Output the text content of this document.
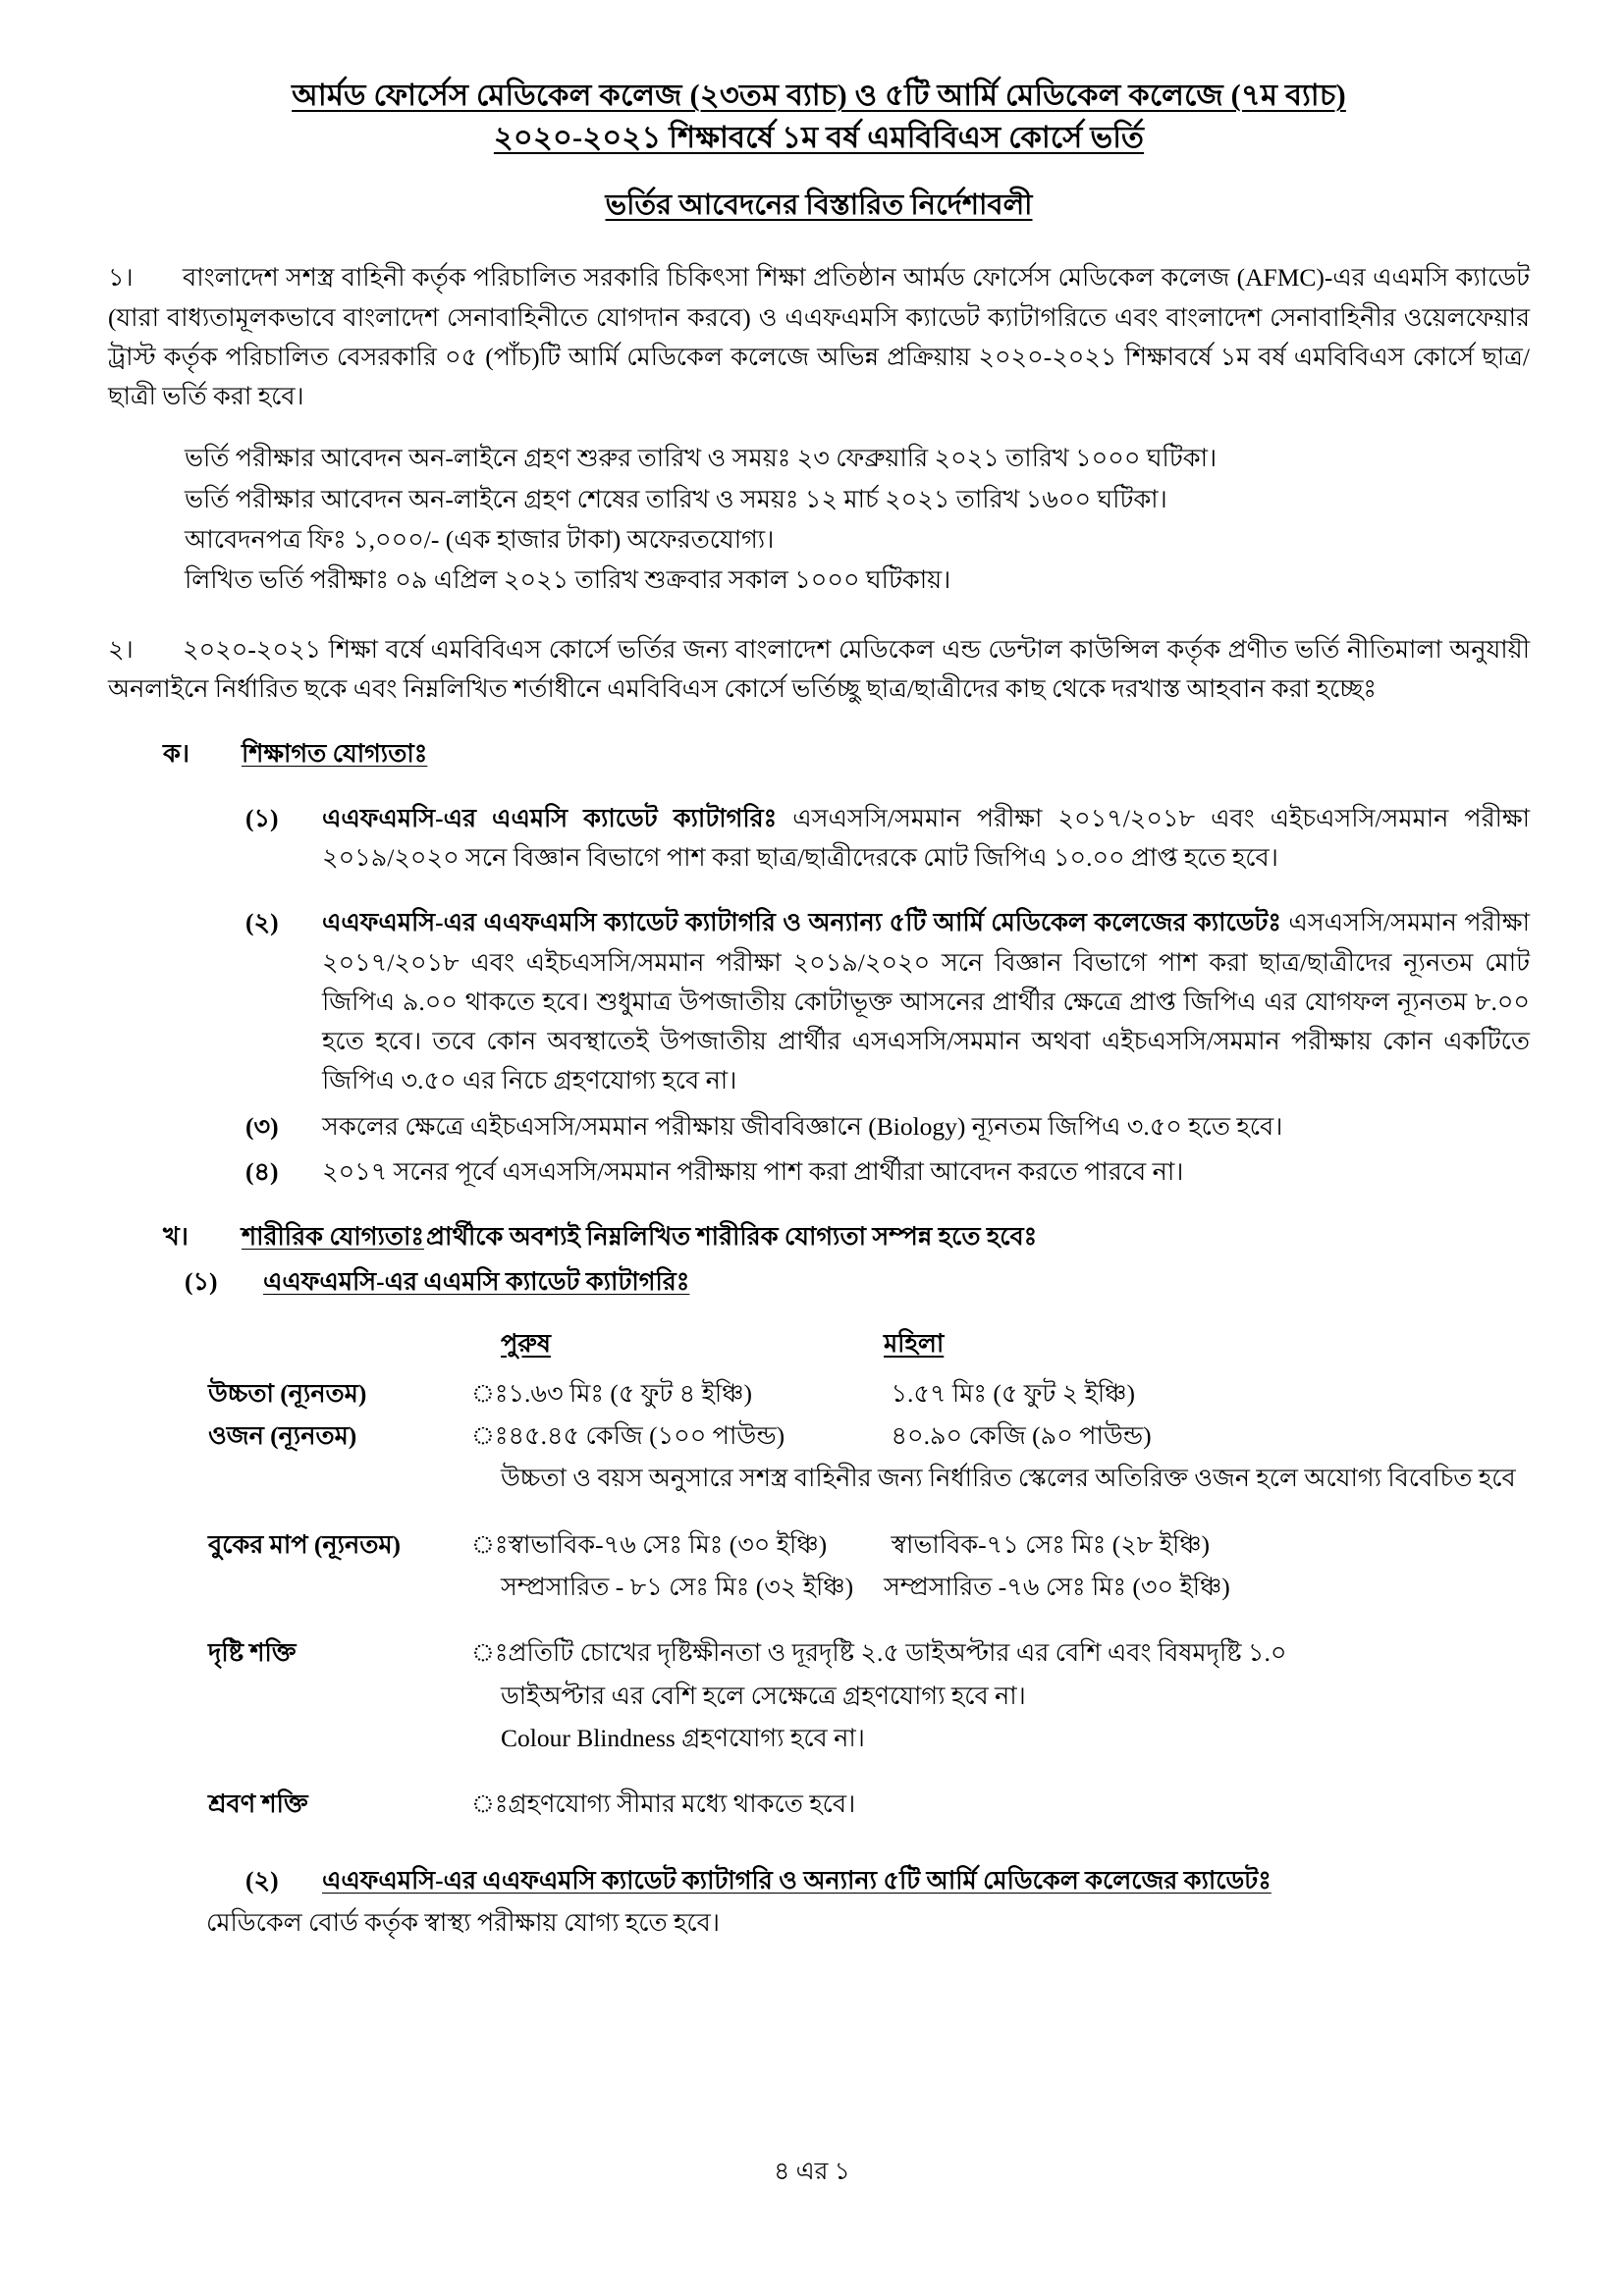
আর্মড ফোর্সেস মেডিকেল কলেজ (২৩তম ব্যাচ) ও ৫টি আর্মি মেডিকেল কলেজে (৭ম ব্যাচ)
২০২০-২০২১ শিক্ষাবর্ষে ১ম বর্ষ এমবিবিএস কোর্সে ভর্তি
ভর্তির আবেদনের বিস্তারিত নির্দেশাবলী
১। বাংলাদেশ সশস্ত্র বাহিনী কর্তৃক পরিচালিত সরকারি চিকিৎসা শিক্ষা প্রতিষ্ঠান আর্মড ফোর্সেস মেডিকেল কলেজ (AFMC)-এর এএমসি ক্যাডেট (যারা বাধ্যতামূলকভাবে বাংলাদেশ সেনাবাহিনীতে যোগদান করবে) ও এএফএমসি ক্যাডেট ক্যাটাগরিতে এবং বাংলাদেশ সেনাবাহিনীর ওয়েলফেয়ার ট্রাস্ট কর্তৃক পরিচালিত বেসরকারি ০৫ (পাঁচ)টি আর্মি মেডিকেল কলেজে অভিন্ন প্রক্রিয়ায় ২০২০-২০২১ শিক্ষাবর্ষে ১ম বর্ষ এমবিবিএস কোর্সে ছাত্র/ছাত্রী ভর্তি করা হবে।
ভর্তি পরীক্ষার আবেদন অন-লাইনে গ্রহণ শুরুর তারিখ ও সময়ঃ ২৩ ফেব্রুয়ারি ২০২১ তারিখ ১০০০ ঘটিকা।
ভর্তি পরীক্ষার আবেদন অন-লাইনে গ্রহণ শেষের তারিখ ও সময়ঃ ১২ মার্চ ২০২১ তারিখ ১৬০০ ঘটিকা।
আবেদনপত্র ফিঃ ১,০০০/- (এক হাজার টাকা) অফেরতযোগ্য।
লিখিত ভর্তি পরীক্ষাঃ ০৯ এপ্রিল ২০২১ তারিখ শুক্রবার সকাল ১০০০ ঘটিকায়।
২। ২০২০-২০২১ শিক্ষা বর্ষে এমবিবিএস কোর্সে ভর্তির জন্য বাংলাদেশ মেডিকেল এন্ড ডেন্টাল কাউন্সিল কর্তৃক প্রণীত ভর্তি নীতিমালা অনুযায়ী অনলাইনে নির্ধারিত ছকে এবং নিম্নলিখিত শর্তাধীনে এমবিবিএস কোর্সে ভর্তিচ্ছু ছাত্র/ছাত্রীদের কাছ থেকে দরখাস্ত আহবান করা হচ্ছেঃ
ক।	শিক্ষাগত যোগ্যতাঃ
(১)	এএফএমসি-এর এএমসি ক্যাডেট ক্যাটাগরিঃ এসএসসি/সমমান পরীক্ষা ২০১৭/২০১৮ এবং এইচএসসি/সমমান পরীক্ষা ২০১৯/২০২০ সনে বিজ্ঞান বিভাগে পাশ করা ছাত্র/ছাত্রীদেরকে মোট জিপিএ ১০.০০ প্রাপ্ত হতে হবে।
(২)	এএফএমসি-এর এএফএমসি ক্যাডেট ক্যাটাগরি ও অন্যান্য ৫টি আর্মি মেডিকেল কলেজের ক্যাডেটঃ এসএসসি/সমমান পরীক্ষা ২০১৭/২০১৮ এবং এইচএসসি/সমমান পরীক্ষা ২০১৯/২০২০ সনে বিজ্ঞান বিভাগে পাশ করা ছাত্র/ছাত্রীদের ন্যূনতম মোট জিপিএ ৯.০০ থাকতে হবে। শুধুমাত্র উপজাতীয় কোটাভূক্ত আসনের প্রার্থীর ক্ষেত্রে প্রাপ্ত জিপিএ এর যোগফল ন্যূনতম ৮.০০ হতে হবে। তবে কোন অবস্থাতেই উপজাতীয় প্রার্থীর এসএসসি/সমমান অথবা এইচএসসি/সমমান পরীক্ষায় কোন একটিতে জিপিএ ৩.৫০ এর নিচে গ্রহণযোগ্য হবে না।
(৩)	সকলের ক্ষেত্রে এইচএসসি/সমমান পরীক্ষায় জীববিজ্ঞানে (Biology) ন্যূনতম জিপিএ ৩.৫০ হতে হবে।
(৪)	২০১৭ সনের পূর্বে এসএসসি/সমমান পরীক্ষায় পাশ করা প্রার্থীরা আবেদন করতে পারবে না।
খ।	শারীরিক যোগ্যতাঃপ্রার্থীকে অবশ্যই নিম্নলিখিত শারীরিক যোগ্যতা সম্পন্ন হতে হবেঃ
(১)	এএফএমসি-এর এএমসি ক্যাডেট ক্যাটাগরিঃ
পুরুষ	মহিলা
উচ্চতা (ন্যূনতম)	ঃ ১.৬৩ মিঃ (৫ ফুট ৪ ইঞ্চি)	১.৫৭ মিঃ (৫ ফুট ২ ইঞ্চি)
ওজন (ন্যূনতম)	ঃ ৪৫.৪৫ কেজি (১০০ পাউন্ড)	৪০.৯০ কেজি (৯০ পাউন্ড)
উচ্চতা ও বয়স অনুসারে সশস্ত্র বাহিনীর জন্য নির্ধারিত স্কেলের অতিরিক্ত ওজন হলে অযোগ্য বিবেচিত হবে
বুকের মাপ (ন্যূনতম)	ঃ স্বাভাবিক-৭৬ সেঃ মিঃ (৩০ ইঞ্চি)	স্বাভাবিক-৭১ সেঃ মিঃ (২৮ ইঞ্চি)
সম্প্রসারিত - ৮১ সেঃ মিঃ (৩২ ইঞ্চি)	সম্প্রসারিত -৭৬ সেঃ মিঃ (৩০ ইঞ্চি)
দৃষ্টি শক্তি	ঃ প্রতিটি চোখের দৃষ্টিক্ষীনতা ও দূরদৃষ্টি ২.৫ ডাইঅপ্টার এর বেশি এবং বিষমদৃষ্টি ১.০
ডাইঅপ্টার এর বেশি হলে সেক্ষেত্রে গ্রহণযোগ্য হবে না।
Colour Blindness গ্রহণযোগ্য হবে না।
শ্রবণ শক্তি	ঃ গ্রহণযোগ্য সীমার মধ্যে থাকতে হবে।
(২)	এএফএমসি-এর এএফএমসি ক্যাডেট ক্যাটাগরি ও অন্যান্য ৫টি আর্মি মেডিকেল কলেজের ক্যাডেটঃ
মেডিকেল বোর্ড কর্তৃক স্বাস্থ্য পরীক্ষায় যোগ্য হতে হবে।
৪ এর ১
